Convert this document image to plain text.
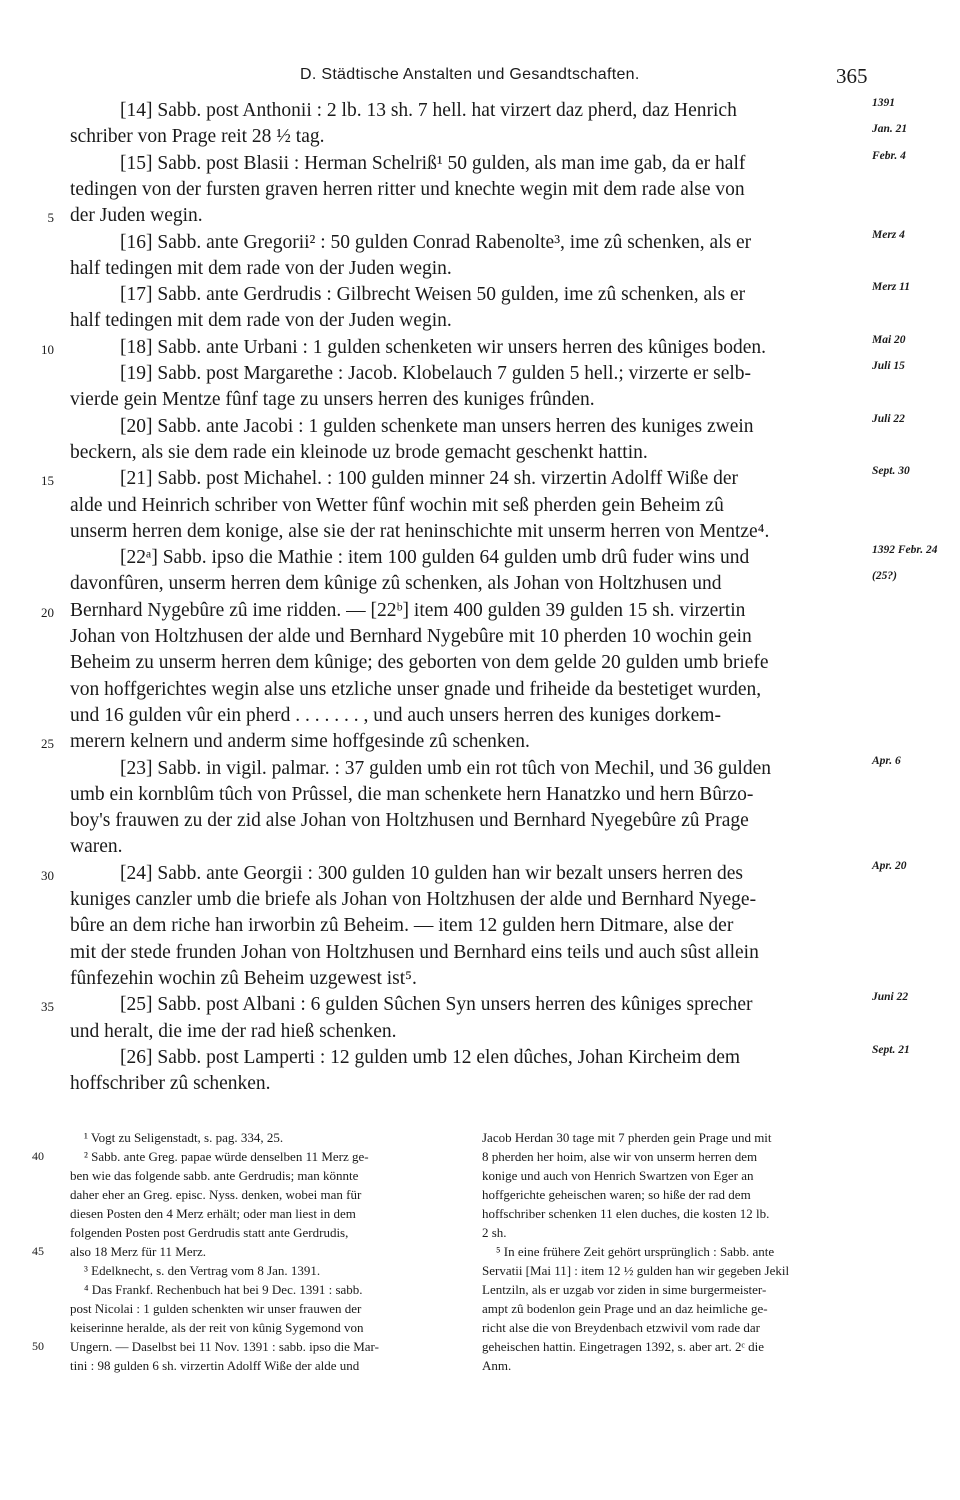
D. Städtische Anstalten und Gesandtschaften.	365
[14] Sabb. post Anthonii : 2 lb. 13 sh. 7 hell. hat virzert daz pherd, daz Henrich	1391
schriber von Prage reit 28 ½ tag.	Jan. 21
[15] Sabb. post Blasii : Herman Schelriß¹ 50 gulden, als man ime gab, da er half	Febr. 4
tedingen von der fursten graven herren ritter und knechte wegin mit dem rade alse von
5 der Juden wegin.
[16] Sabb. ante Gregorii² : 50 gulden Conrad Rabenolte³, ime zû schenken, als er	Merz 4
half tedingen mit dem rade von der Juden wegin.
[17] Sabb. ante Gerdrudis : Gilbrecht Weisen 50 gulden, ime zû schenken, als er	Merz 11
half tedingen mit dem rade von der Juden wegin.
10	[18] Sabb. ante Urbani : 1 gulden schenketen wir unsers herren des kûniges boden.	Mai 20
[19] Sabb. post Margarethe : Jacob. Klobelauch 7 gulden 5 hell.; virzerte er selb-	Juli 15
vierde gein Mentze fûnf tage zu unsers herren des kuniges frûnden.
[20] Sabb. ante Jacobi : 1 gulden schenkete man unsers herren des kuniges zwein	Juli 22
beckern, als sie dem rade ein kleinode uz brode gemacht geschenkt hattin.
15	[21] Sabb. post Michahel. : 100 gulden minner 24 sh. virzertin Adolff Wiße der	Sept. 30
alde und Heinrich schriber von Wetter fûnf wochin mit seß pherden gein Beheim zû
unserm herren dem konige, alse sie der rat heninschichte mit unserm herren von Mentze⁴.
[22ᵃ] Sabb. ipso die Mathie : item 100 gulden 64 gulden umb drû fuder wins und	1392 Febr. 24
davonfûren, unserm herren dem kûnige zû schenken, als Johan von Holtzhusen und	(25?)
20 Bernhard Nygebûre zû ime ridden. — [22ᵇ] item 400 gulden 39 gulden 15 sh. virzertin
Johan von Holtzhusen der alde und Bernhard Nygebûre mit 10 pherden 10 wochin gein
Beheim zu unserm herren dem kûnige; des geborten von dem gelde 20 gulden umb briefe
von hoffgerichtes wegin alse uns etzliche unser gnade und friheide da bestetiget wurden,
und 16 gulden vûr ein pherd . . . . . . . , und auch unsers herren des kuniges dorkem-
25 merern kelnern und anderm sime hoffgesinde zû schenken.
[23] Sabb. in vigil. palmar. : 37 gulden umb ein rot tûch von Mechil, und 36 gulden	Apr. 6
umb ein kornblûm tûch von Prûssel, die man schenkete hern Hanatzko und hern Bûrzo-
boy's frauwen zu der zid alse Johan von Holtzhusen und Bernhard Nyegebûre zû Prage
waren.
30	[24] Sabb. ante Georgii : 300 gulden 10 gulden han wir bezalt unsers herren des	Apr. 20
kuniges canzler umb die briefe als Johan von Holtzhusen der alde und Bernhard Nyege-
bûre an dem riche han irworbin zû Beheim. — item 12 gulden hern Ditmare, alse der
mit der stede frunden Johan von Holtzhusen und Bernhard eins teils und auch sûst allein
fûnfezehin wochin zû Beheim uzgewest ist⁵.
35	[25] Sabb. post Albani : 6 gulden Sûchen Syn unsers herren des kûniges sprecher	Juni 22
und heralt, die ime der rad hieß schenken.
[26] Sabb. post Lamperti : 12 gulden umb 12 elen dûches, Johan Kircheim dem	Sept. 21
hoffschriber zû schenken.
¹ Vogt zu Seligenstadt, s. pag. 334, 25.
40	² Sabb. ante Greg. papae würde denselben 11 Merz ge-
ben wie das folgende sabb. ante Gerdrudis; man könnte
daher eher an Greg. episc. Nyss. denken, wobei man für
diesen Posten den 4 Merz erhält; oder man liest in dem
folgenden Posten post Gerdrudis statt ante Gerdrudis,
45 also 18 Merz für 11 Merz.
³ Edelknecht, s. den Vertrag vom 8 Jan. 1391.
⁴ Das Frankf. Rechenbuch hat bei 9 Dec. 1391 : sabb.
post Nicolai : 1 gulden schenkten wir unser frauwen der
keiserinne heralde, als der reit von kûnig Sygemond von
50 Ungern. — Daselbst bei 11 Nov. 1391 : sabb. ipso die Mar-
tini : 98 gulden 6 sh. virzertin Adolff Wiße der alde und
Jacob Herdan 30 tage mit 7 pherden gein Prage und mit
8 pherden her hoim, alse wir von unserm herren dem
konige und auch von Henrich Swartzen von Eger an
hoffgerichte geheischen waren; so hiße der rad dem
hoffschriber schenken 11 elen duches, die kosten 12 lb.
2 sh.
⁵ In eine frühere Zeit gehört ursprünglich : Sabb. ante
Servatii [Mai 11] : item 12 ½ gulden han wir gegeben Jekil
Lentziln, als er uzgab vor ziden in sime burgermeister-
ampt zû bodenlon gein Prage und an daz heimliche ge-
richt alse die von Breydenbach etzwivil vom rade dar
geheischen hattin. Eingetragen 1392, s. aber art. 2ᶜ die
Anm.
